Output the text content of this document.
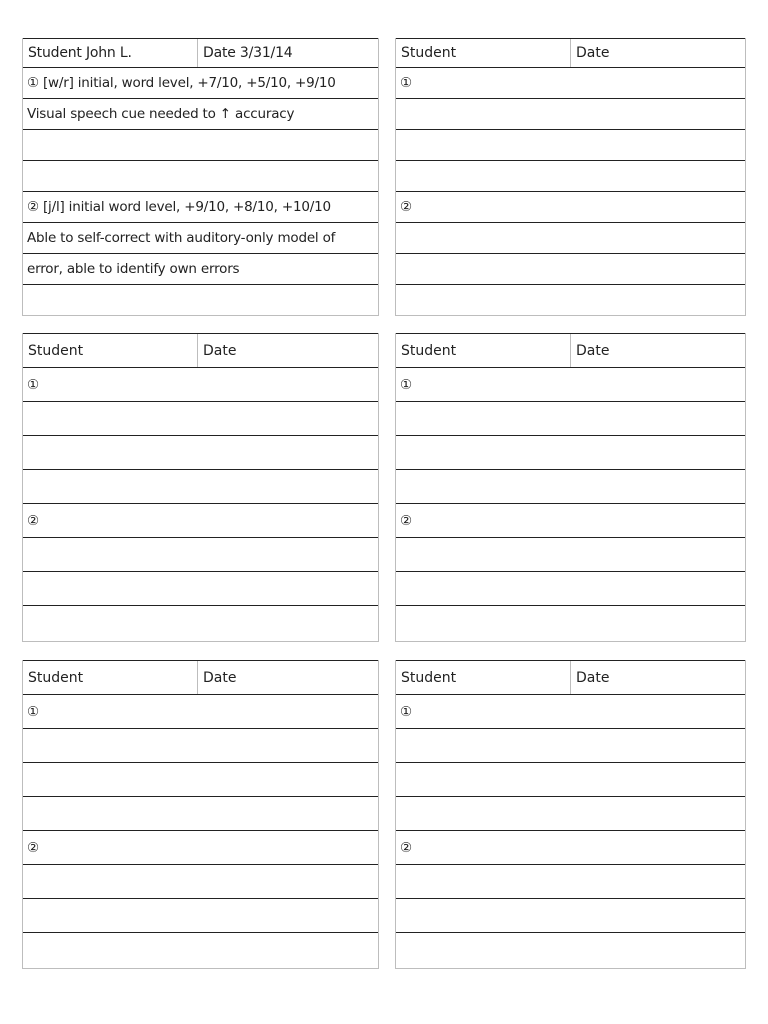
Student John L.	Date 3/31/14
① [w/r] initial, word level, +7/10, +5/10, +9/10
Visual speech cue needed to ↑ accuracy
② [j/l] initial word level, +9/10, +8/10, +10/10
Able to self-correct with auditory-only model of
error, able to identify own errors
Student	Date
①
②
Student	Date
①
②
Student	Date
①
②
Student	Date
①
②
Student	Date
①
②
